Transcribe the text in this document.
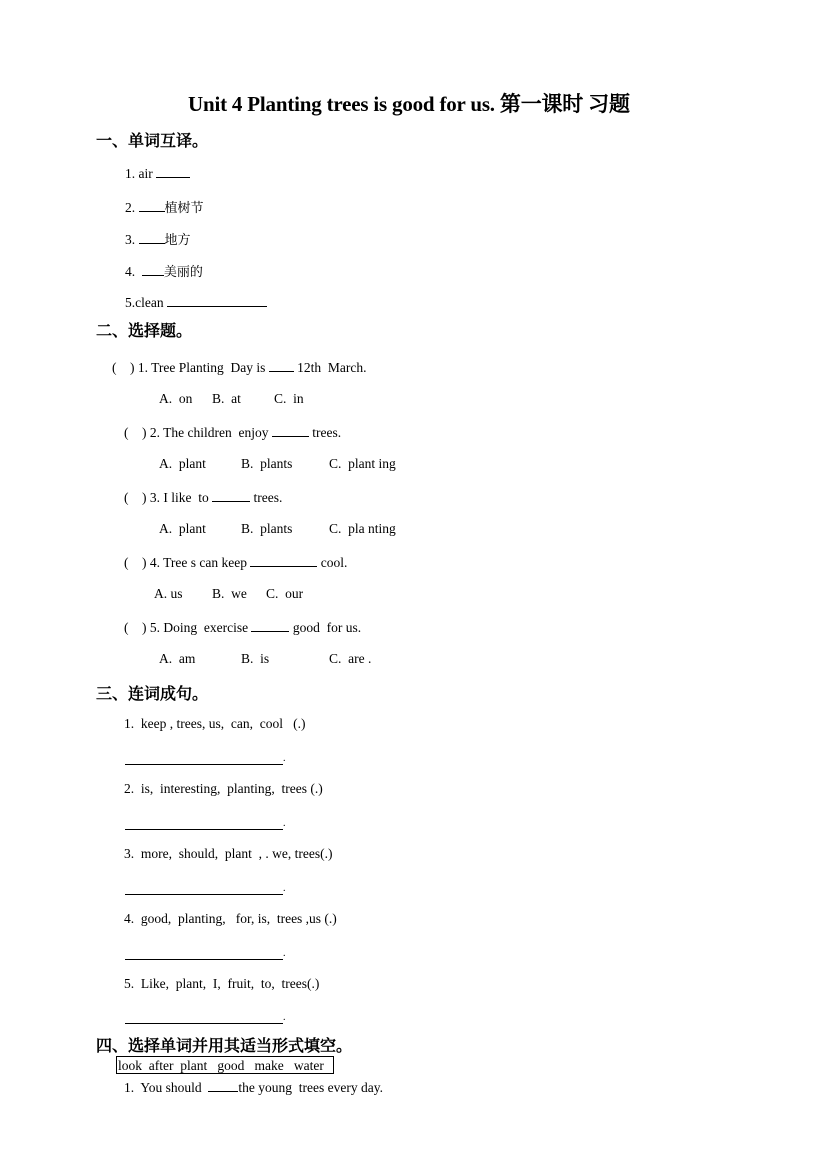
Unit 4 Planting trees is good for us. 第一课时 习题
一、单词互译。
1. air
2. 植树节
3. 地方
4.  美丽的
5.clean
二、选择题。
(    ) 1. Tree Planting  Day is  12th  March.
A.  on B.  at C.  in
(    ) 2. The children  enjoy	trees.
A.  plant	B.  plants	C.  plant ing
(    ) 3. I like  to	trees.
A.  plant	B.  plants	C.  pla nting
(    ) 4. Tree s can keep	cool.
A. us B.  we C.  our
(    ) 5. Doing  exercise	good  for us.
A.  am	B.  is	C.  are .
三、连词成句。
1.  keep , trees, us,  can,  cool   (.)
.
2.  is,  interesting,  planting,  trees (.)
.
3.  more,  should,  plant  , . we, trees(.)
.
4.  good,  planting,   for, is,  trees ,us (.)
.
5.  Like,  plant,  I,  fruit,  to,  trees(.)
.
四、选择单词并用其适当形式填空。
look  after  plant   good   make   water
1.  You should  the young  trees every day.
